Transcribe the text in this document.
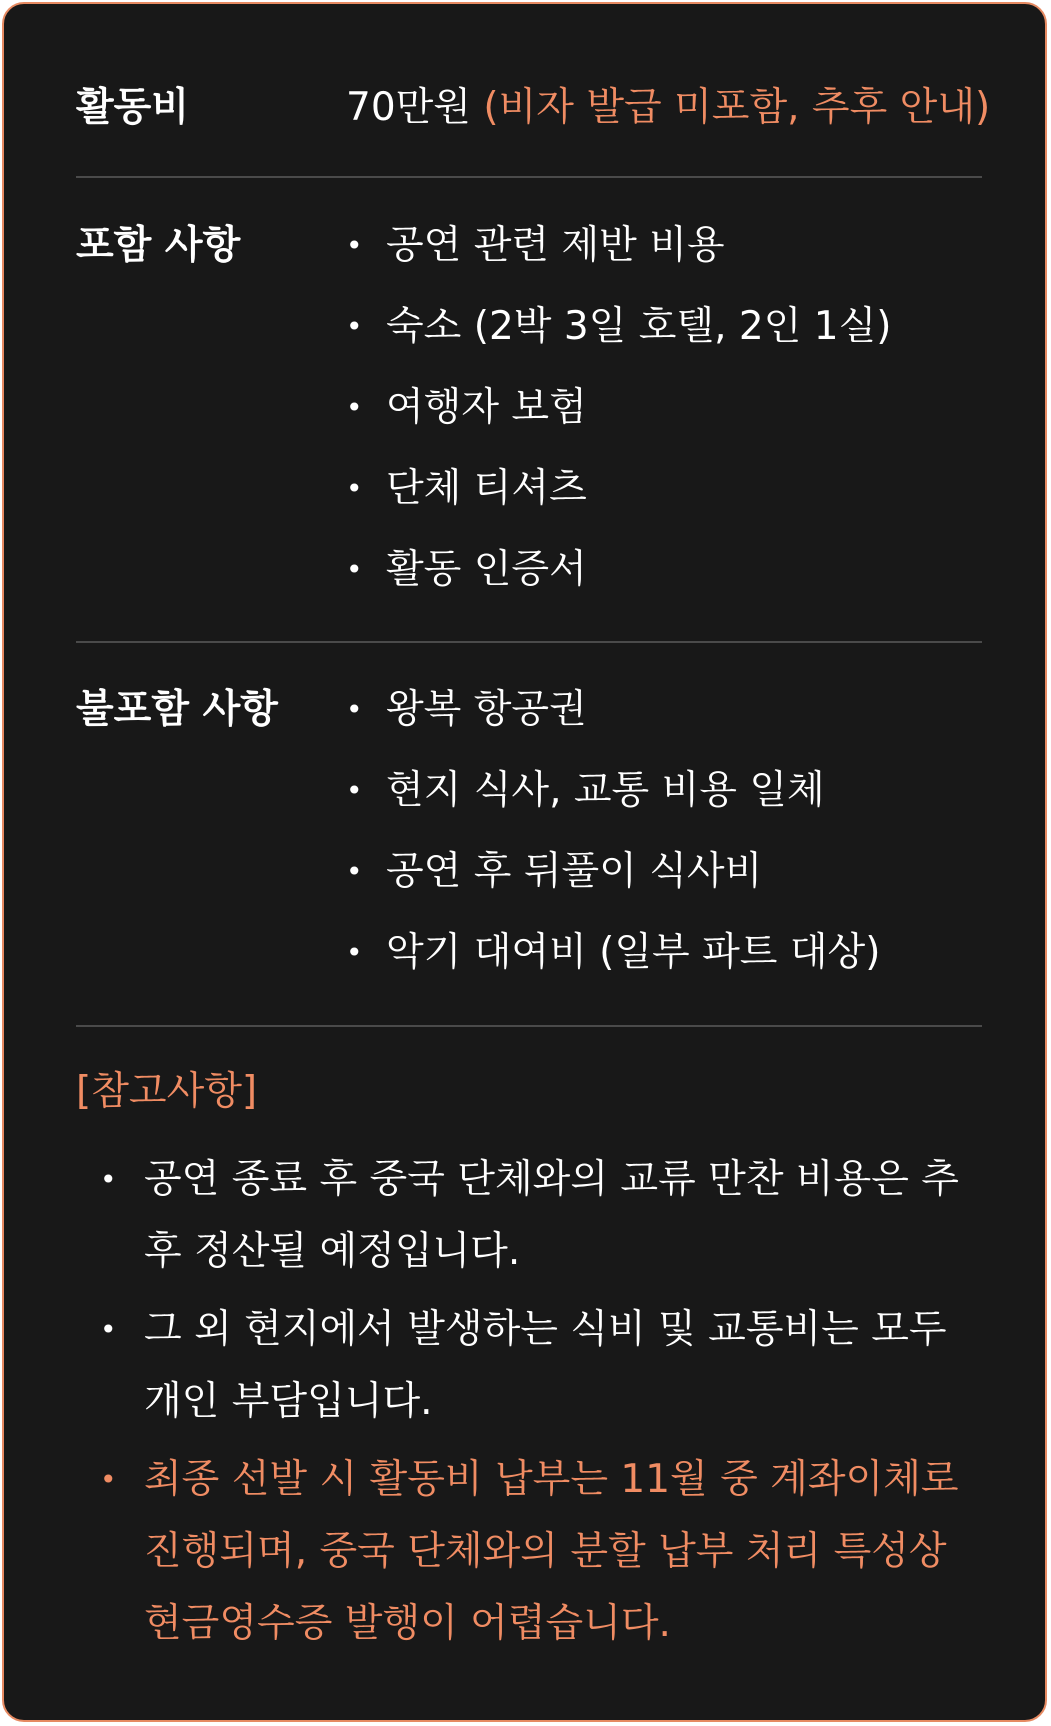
활동비	70만원 (비자 발급 미포함, 추후 안내)
포함 사항	• 공연 관련 제반 비용
• 숙소 (2박 3일 호텔, 2인 1실)
• 여행자 보험
• 단체 티셔츠
• 활동 인증서
불포함 사항 • 왕복 항공권
• 현지 식사, 교통 비용 일체
• 공연 후 뒤풀이 식사비
• 악기 대여비 (일부 파트 대상)
[참고사항]
• 공연 종료 후 중국 단체와의 교류 만찬 비용은 추후 정산될 예정입니다.
• 그 외 현지에서 발생하는 식비 및 교통비는 모두 개인 부담입니다.
• 최종 선발 시 활동비 납부는 11월 중 계좌이체로 진행되며, 중국 단체와의 분할 납부 처리 특성상 현금영수증 발행이 어렵습니다.
